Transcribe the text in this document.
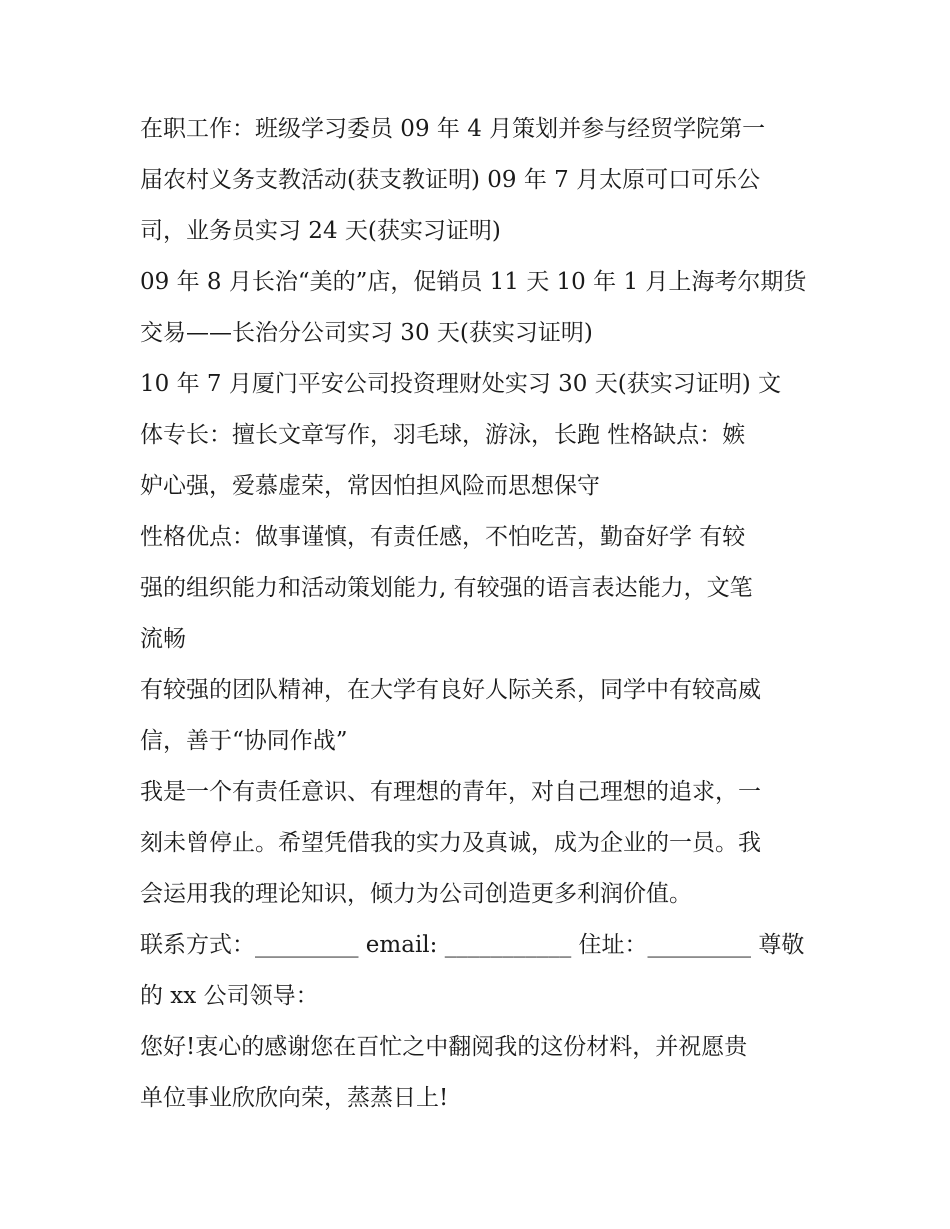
在职工作：班级学习委员 09 年 4 月策划并参与经贸学院第一
届农村义务支教活动(获支教证明) 09 年 7 月太原可口可乐公
司，业务员实习 24 天(获实习证明)
09 年 8 月长治“美的”店，促销员 11 天 10 年 1 月上海考尔期货
交易——长治分公司实习 30 天(获实习证明)
10 年 7 月厦门平安公司投资理财处实习 30 天(获实习证明) 文
体专长：擅长文章写作，羽毛球，游泳，长跑 性格缺点：嫉
妒心强，爱慕虚荣，常因怕担风险而思想保守
性格优点：做事谨慎，有责任感，不怕吃苦，勤奋好学 有较
强的组织能力和活动策划能力, 有较强的语言表达能力，文笔
流畅
有较强的团队精神，在大学有良好人际关系，同学中有较高威
信，善于“协同作战”
我是一个有责任意识、有理想的青年，对自己理想的追求，一
刻未曾停止。希望凭借我的实力及真诚，成为企业的一员。我
会运用我的理论知识，倾力为公司创造更多利润价值。
联系方式：_________ email: ___________ 住址：_________ 尊敬
的 xx 公司领导：
您好!衷心的感谢您在百忙之中翻阅我的这份材料，并祝愿贵
单位事业欣欣向荣，蒸蒸日上!
